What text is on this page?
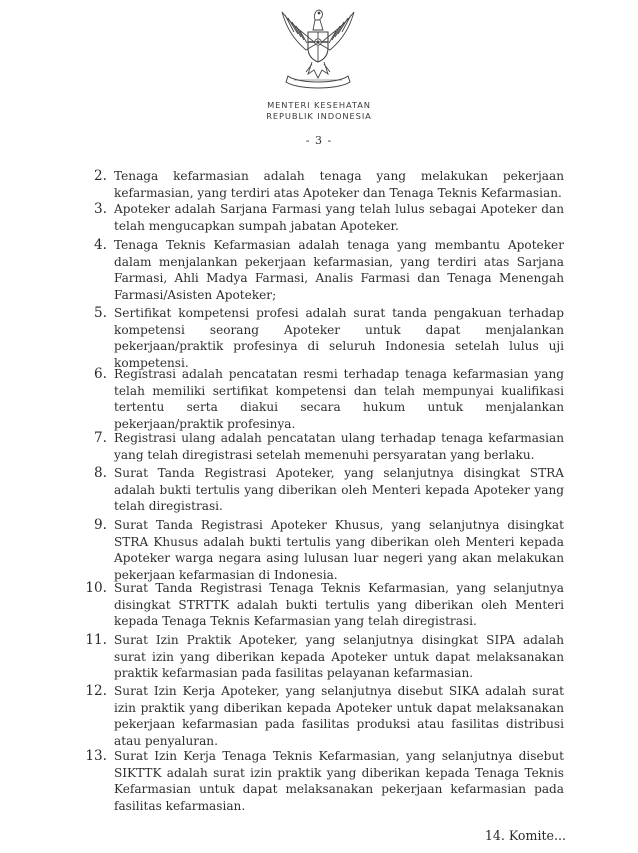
MENTERI KESEHATAN
REPUBLIK INDONESIA
- 3 -
2. Tenaga kefarmasian adalah tenaga yang melakukan pekerjaan kefarmasian, yang terdiri atas Apoteker dan Tenaga Teknis Kefarmasian.
3. Apoteker adalah Sarjana Farmasi yang telah lulus sebagai Apoteker dan telah mengucapkan sumpah jabatan Apoteker.
4. Tenaga Teknis Kefarmasian adalah tenaga yang membantu Apoteker dalam menjalankan pekerjaan kefarmasian, yang terdiri atas Sarjana Farmasi, Ahli Madya Farmasi, Analis Farmasi dan Tenaga Menengah Farmasi/Asisten Apoteker;
5. Sertifikat kompetensi profesi adalah surat tanda pengakuan terhadap kompetensi seorang Apoteker untuk dapat menjalankan pekerjaan/praktik profesinya di seluruh Indonesia setelah lulus uji kompetensi.
6. Registrasi adalah pencatatan resmi terhadap tenaga kefarmasian yang telah memiliki sertifikat kompetensi dan telah mempunyai kualifikasi tertentu serta diakui secara hukum untuk menjalankan pekerjaan/praktik profesinya.
7. Registrasi ulang adalah pencatatan ulang terhadap tenaga kefarmasian yang telah diregistrasi setelah memenuhi persyaratan yang berlaku.
8. Surat Tanda Registrasi Apoteker, yang selanjutnya disingkat STRA adalah bukti tertulis yang diberikan oleh Menteri kepada Apoteker yang telah diregistrasi.
9. Surat Tanda Registrasi Apoteker Khusus, yang selanjutnya disingkat STRA Khusus adalah bukti tertulis yang diberikan oleh Menteri kepada Apoteker warga negara asing lulusan luar negeri yang akan melakukan pekerjaan kefarmasian di Indonesia.
10. Surat Tanda Registrasi Tenaga Teknis Kefarmasian, yang selanjutnya disingkat STRTTK adalah bukti tertulis yang diberikan oleh Menteri kepada Tenaga Teknis Kefarmasian yang telah diregistrasi.
11. Surat Izin Praktik Apoteker, yang selanjutnya disingkat SIPA adalah surat izin yang diberikan kepada Apoteker untuk dapat melaksanakan praktik kefarmasian pada fasilitas pelayanan kefarmasian.
12. Surat Izin Kerja Apoteker, yang selanjutnya disebut SIKA adalah surat izin praktik yang diberikan kepada Apoteker untuk dapat melaksanakan pekerjaan kefarmasian pada fasilitas produksi atau fasilitas distribusi atau penyaluran.
13. Surat Izin Kerja Tenaga Teknis Kefarmasian, yang selanjutnya disebut SIKTTK adalah surat izin praktik yang diberikan kepada Tenaga Teknis Kefarmasian untuk dapat melaksanakan pekerjaan kefarmasian pada fasilitas kefarmasian.
14. Komite...
